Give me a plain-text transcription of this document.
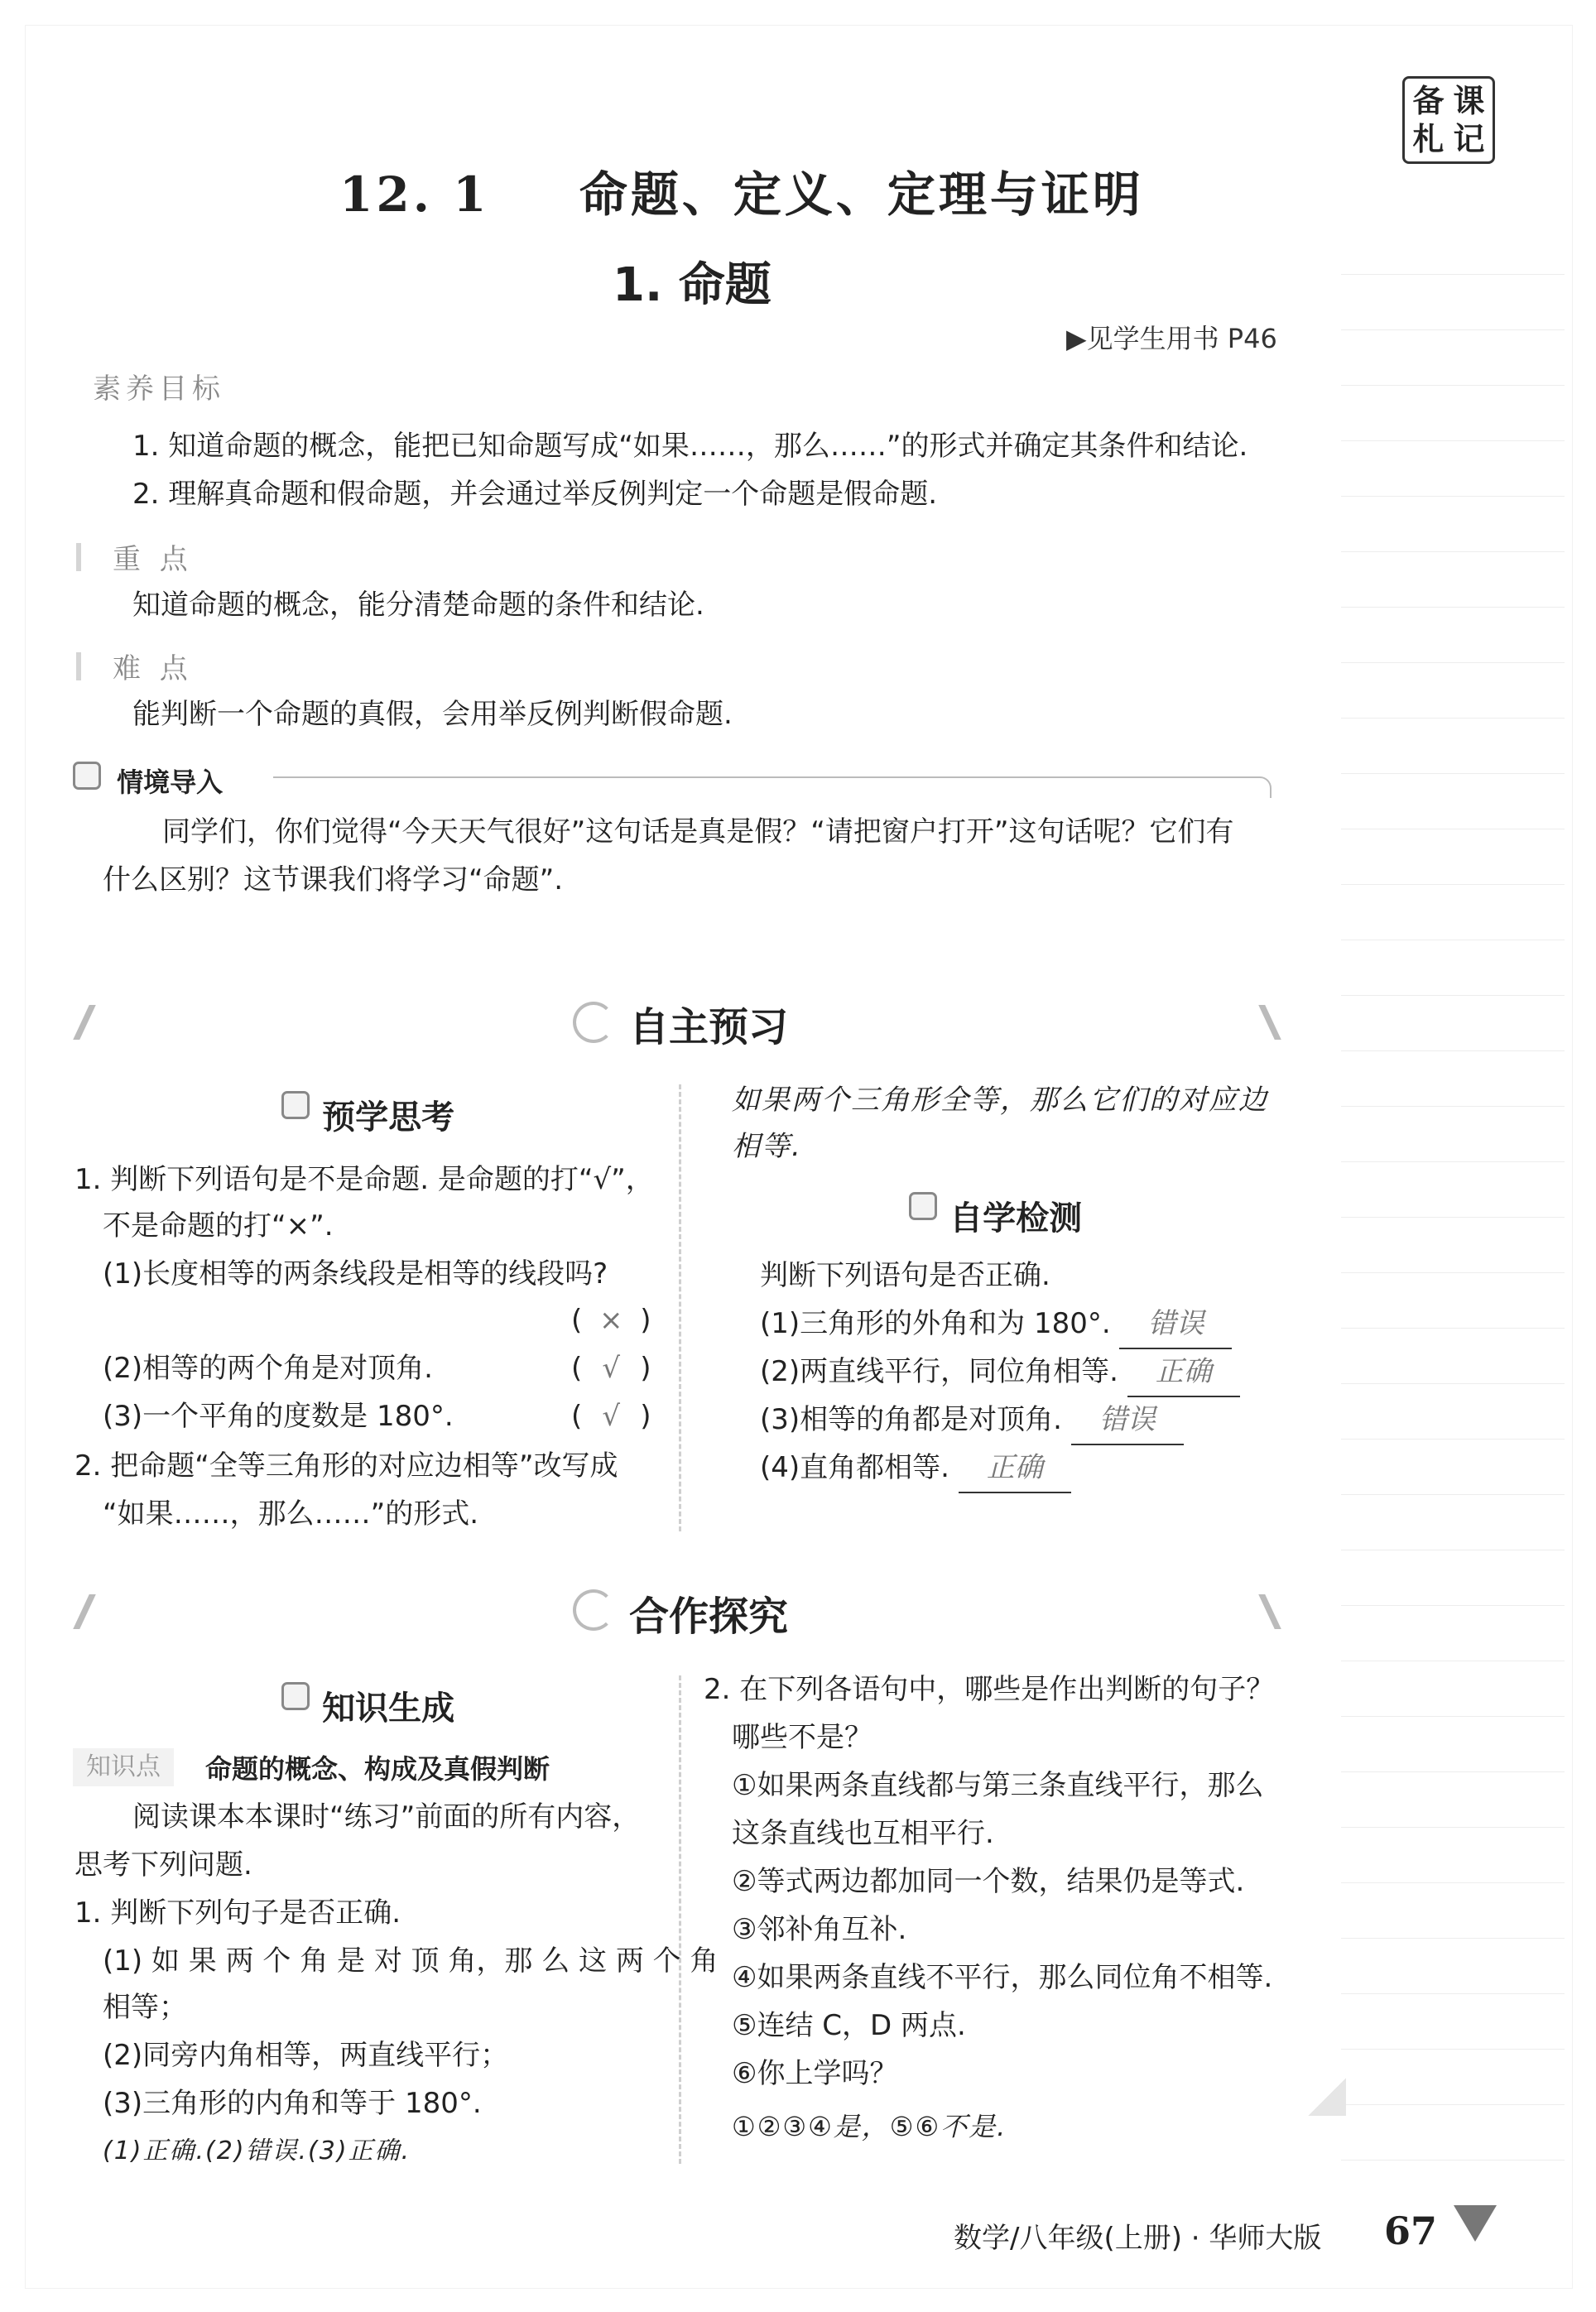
备 课
札 记
12. 1 命题、定义、定理与证明
1. 命题
▶见学生用书 P46
素养目标
1. 知道命题的概念，能把已知命题写成“如果……，那么……”的形式并确定其条件和结论.
2. 理解真命题和假命题，并会通过举反例判定一个命题是假命题.
重 点
知道命题的概念，能分清楚命题的条件和结论.
难 点
能判断一个命题的真假，会用举反例判断假命题.
情境导入
同学们，你们觉得“今天天气很好”这句话是真是假？“请把窗户打开”这句话呢？它们有
什么区别？这节课我们将学习“命题”.
自主预习
预学思考
1. 判断下列语句是不是命题. 是命题的打“√”，
不是命题的打“×”.
(1)长度相等的两条线段是相等的线段吗?
( × )
(2)相等的两个角是对顶角.	( √ )
(3)一个平角的度数是 180°.	( √ )
2. 把命题“全等三角形的对应边相等”改写成
“如果……，那么……”的形式.
如果两个三角形全等，那么它们的对应边
相等.
自学检测
判断下列语句是否正确.
(1)三角形的外角和为 180°. 错误
(2)两直线平行，同位角相等. 正确
(3)相等的角都是对顶角. 错误
(4)直角都相等. 正确
合作探究
知识生成
知识点	命题的概念、构成及真假判断
阅读课本本课时“练习”前面的所有内容，
思考下列问题.
1. 判断下列句子是否正确.
(1) 如 果 两 个 角 是 对 顶 角，那 么 这 两 个 角
相等；
(2)同旁内角相等，两直线平行；
(3)三角形的内角和等于 180°.
(1)正确.(2)错误.(3)正确.
2. 在下列各语句中，哪些是作出判断的句子？
哪些不是？
①如果两条直线都与第三条直线平行，那么
这条直线也互相平行.
②等式两边都加同一个数，结果仍是等式.
③邻补角互补.
④如果两条直线不平行，那么同位角不相等.
⑤连结 C，D 两点.
⑥你上学吗？
①②③④是，⑤⑥不是.
数学/八年级(上册) · 华师大版 67
